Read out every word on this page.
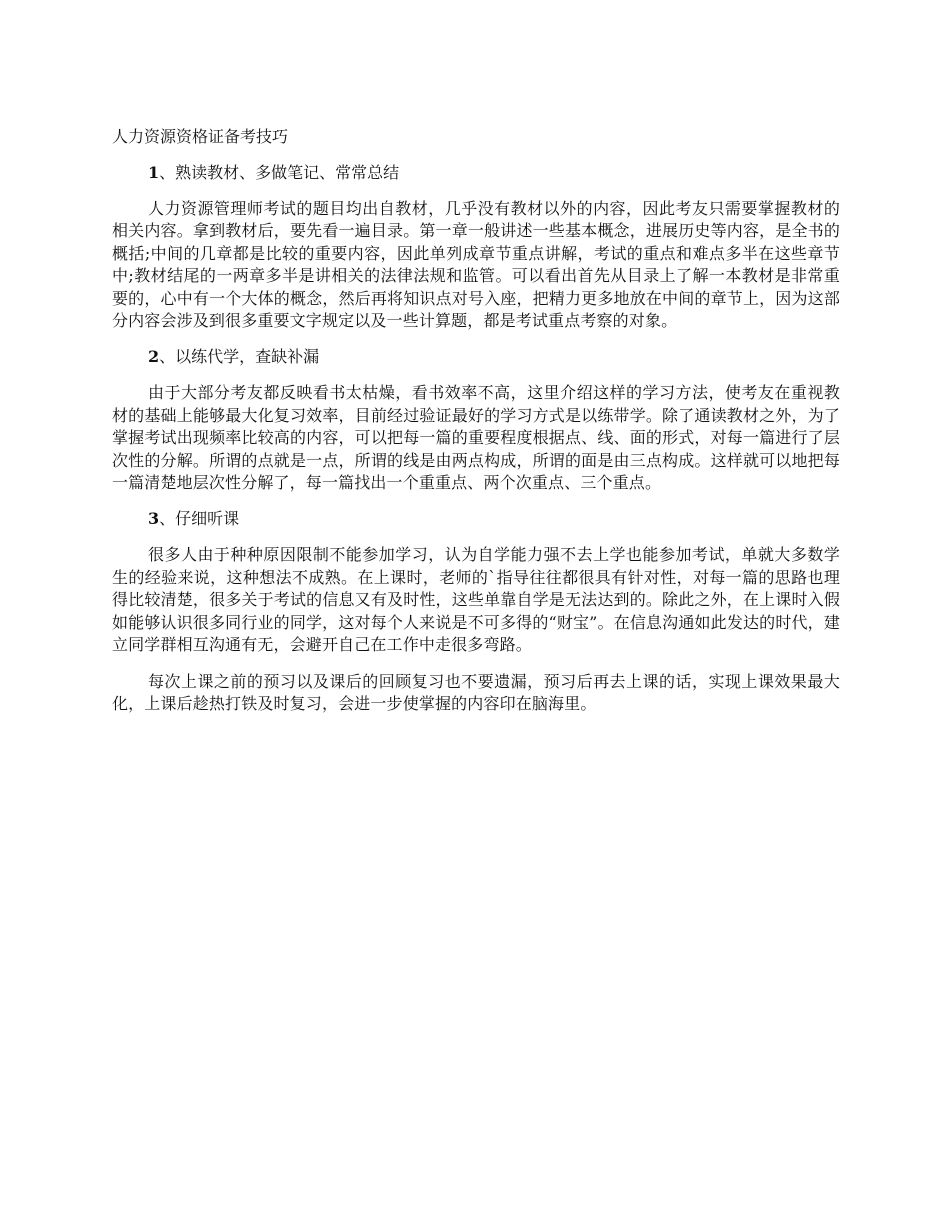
人力资源资格证备考技巧
1、熟读教材、多做笔记、常常总结

人力资源管理师考试的题目均出自教材，几乎没有教材以外的内容，因此考友只需要掌握教材的相关内容。拿到教材后，要先看一遍目录。第一章一般讲述一些基本概念，进展历史等内容，是全书的概括;中间的几章都是比较的重要内容，因此单列成章节重点讲解，考试的重点和难点多半在这些章节中;教材结尾的一两章多半是讲相关的法律法规和监管。可以看出首先从目录上了解一本教材是非常重要的，心中有一个大体的概念，然后再将知识点对号入座，把精力更多地放在中间的章节上，因为这部分内容会涉及到很多重要文字规定以及一些计算题，都是考试重点考察的对象。

2、以练代学，查缺补漏

由于大部分考友都反映看书太枯燥，看书效率不高，这里介绍这样的学习方法，使考友在重视教材的基础上能够最大化复习效率，目前经过验证最好的学习方式是以练带学。除了通读教材之外，为了掌握考试出现频率比较高的内容，可以把每一篇的重要程度根据点、线、面的形式，对每一篇进行了层次性的分解。所谓的点就是一点，所谓的线是由两点构成，所谓的面是由三点构成。这样就可以地把每一篇清楚地层次性分解了，每一篇找出一个重重点、两个次重点、三个重点。

3、仔细听课

很多人由于种种原因限制不能参加学习，认为自学能力强不去上学也能参加考试，单就大多数学生的经验来说，这种想法不成熟。在上课时，老师的`指导往往都很具有针对性，对每一篇的思路也理得比较清楚，很多关于考试的信息又有及时性，这些单靠自学是无法达到的。除此之外，在上课时入假如能够认识很多同行业的同学，这对每个人来说是不可多得的“财宝”。在信息沟通如此发达的时代，建立同学群相互沟通有无，会避开自己在工作中走很多弯路。

每次上课之前的预习以及课后的回顾复习也不要遗漏，预习后再去上课的话，实现上课效果最大化，上课后趁热打铁及时复习，会进一步使掌握的内容印在脑海里。
